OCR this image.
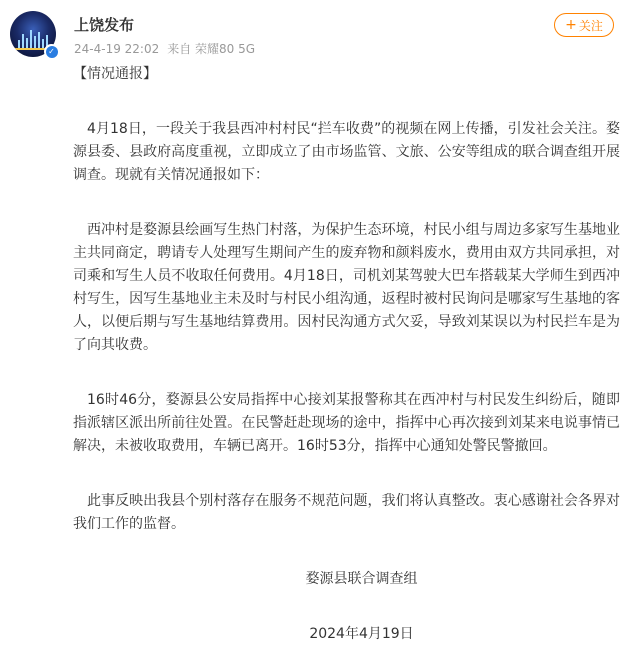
✓
上饶发布
24-4-19 22:02 来自 荣耀80 5G
+ 关注

【情况通报】

4月18日，一段关于我县西冲村村民“拦车收费”的视频在网上传播，引发社会关注。婺源县委、县政府高度重视，立即成立了由市场监管、文旅、公安等组成的联合调查组开展调查。现就有关情况通报如下：

西冲村是婺源县绘画写生热门村落，为保护生态环境，村民小组与周边多家写生基地业主共同商定，聘请专人处理写生期间产生的废弃物和颜料废水，费用由双方共同承担，对司乘和写生人员不收取任何费用。4月18日，司机刘某驾驶大巴车搭载某大学师生到西冲村写生，因写生基地业主未及时与村民小组沟通，返程时被村民询问是哪家写生基地的客人，以便后期与写生基地结算费用。因村民沟通方式欠妥，导致刘某误以为村民拦车是为了向其收费。

16时46分，婺源县公安局指挥中心接刘某报警称其在西冲村与村民发生纠纷后，随即指派辖区派出所前往处置。在民警赶赴现场的途中，指挥中心再次接到刘某来电说事情已解决，未被收取费用，车辆已离开。16时53分，指挥中心通知处警民警撤回。

此事反映出我县个别村落存在服务不规范问题，我们将认真整改。衷心感谢社会各界对我们工作的监督。

婺源县联合调查组

2024年4月19日
